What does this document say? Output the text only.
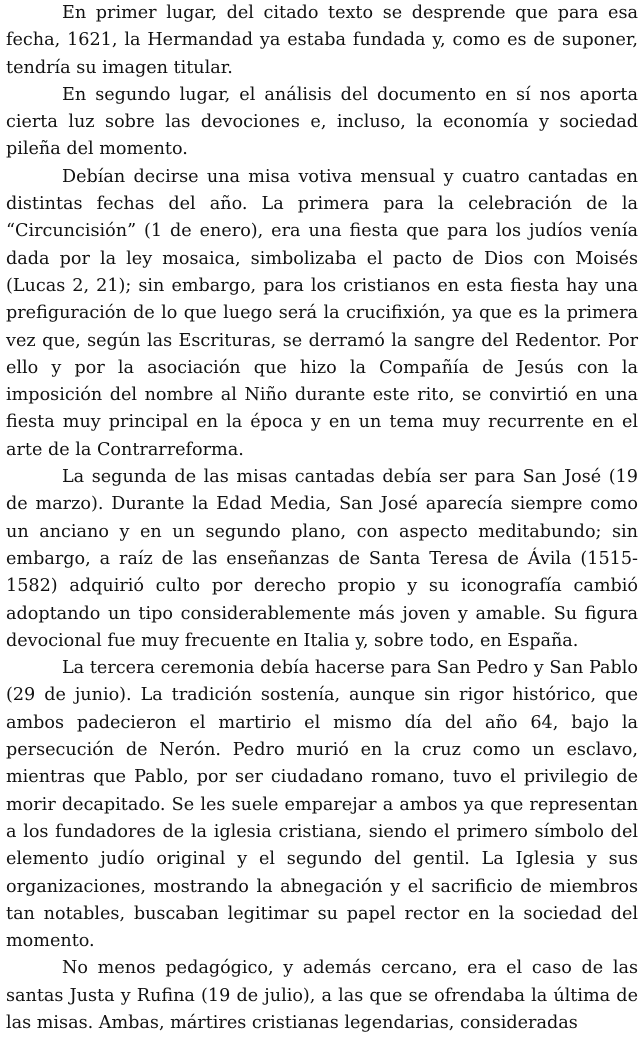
En primer lugar, del citado texto se desprende que para esa fecha, 1621, la Hermandad ya estaba fundada y, como es de suponer, tendría su imagen titular.

En segundo lugar, el análisis del documento en sí nos aporta cierta luz sobre las devociones e, incluso, la economía y sociedad pileña del momento.

Debían decirse una misa votiva mensual y cuatro cantadas en distintas fechas del año. La primera para la celebración de la “Circuncisión” (1 de enero), era una fiesta que para los judíos venía dada por la ley mosaica, simbolizaba el pacto de Dios con Moisés (Lucas 2, 21); sin embargo, para los cristianos en esta fiesta hay una prefiguración de lo que luego será la crucifixión, ya que es la primera vez que, según las Escrituras, se derramó la sangre del Redentor. Por ello y por la asociación que hizo la Compañía de Jesús con la imposición del nombre al Niño durante este rito, se convirtió en una fiesta muy principal en la época y en un tema muy recurrente en el arte de la Contrarreforma.

La segunda de las misas cantadas debía ser para San José (19 de marzo). Durante la Edad Media, San José aparecía siempre como un anciano y en un segundo plano, con aspecto meditabundo; sin embargo, a raíz de las enseñanzas de Santa Teresa de Ávila (1515-1582) adquirió culto por derecho propio y su iconografía cambió adoptando un tipo considerablemente más joven y amable. Su figura devocional fue muy frecuente en Italia y, sobre todo, en España.

La tercera ceremonia debía hacerse para San Pedro y San Pablo (29 de junio). La tradición sostenía, aunque sin rigor histórico, que ambos padecieron el martirio el mismo día del año 64, bajo la persecución de Nerón. Pedro murió en la cruz como un esclavo, mientras que Pablo, por ser ciudadano romano, tuvo el privilegio de morir decapitado. Se les suele emparejar a ambos ya que representan a los fundadores de la iglesia cristiana, siendo el primero símbolo del elemento judío original y el segundo del gentil. La Iglesia y sus organizaciones, mostrando la abnegación y el sacrificio de miembros tan notables, buscaban legitimar su papel rector en la sociedad del momento.

No menos pedagógico, y además cercano, era el caso de las santas Justa y Rufina (19 de julio), a las que se ofrendaba la última de las misas. Ambas, mártires cristianas legendarias, consideradas
